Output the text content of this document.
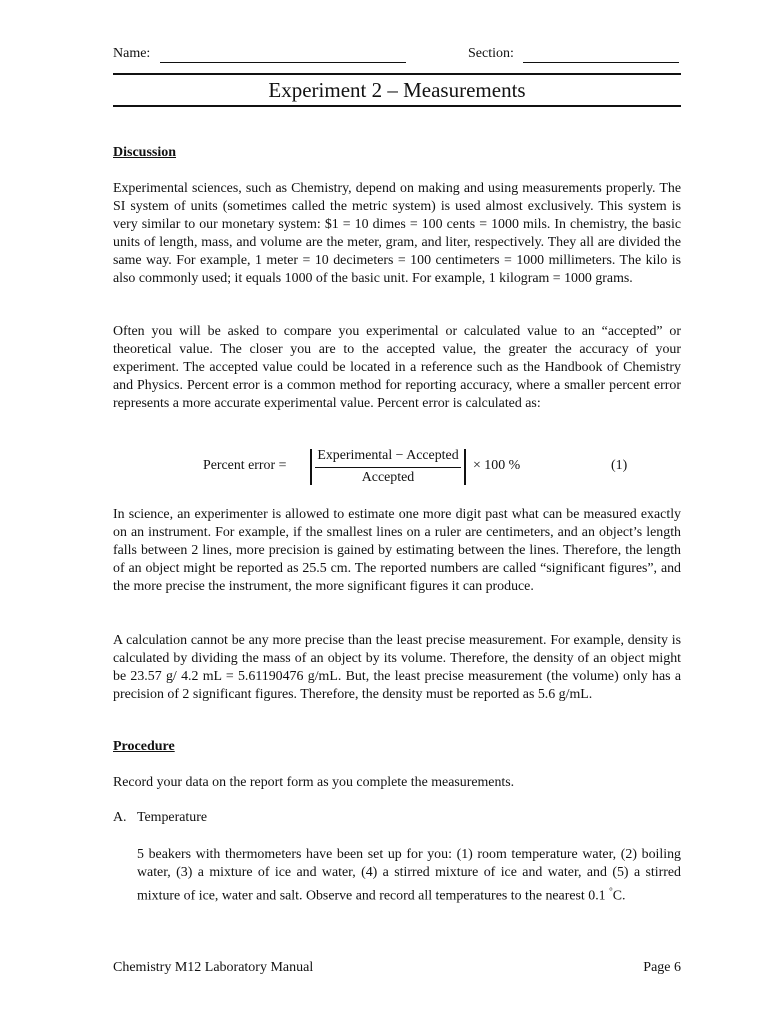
Name:	Section:
Experiment 2 – Measurements
Discussion
Experimental sciences, such as Chemistry, depend on making and using measurements properly. The SI system of units (sometimes called the metric system) is used almost exclusively. This system is very similar to our monetary system: $1 = 10 dimes = 100 cents = 1000 mils. In chemistry, the basic units of length, mass, and volume are the meter, gram, and liter, respectively. They all are divided the same way. For example, 1 meter = 10 decimeters = 100 centimeters = 1000 millimeters. The kilo is also commonly used; it equals 1000 of the basic unit. For example, 1 kilogram = 1000 grams.
Often you will be asked to compare you experimental or calculated value to an “accepted” or theoretical value. The closer you are to the accepted value, the greater the accuracy of your experiment. The accepted value could be located in a reference such as the Handbook of Chemistry and Physics. Percent error is a common method for reporting accuracy, where a smaller percent error represents a more accurate experimental value. Percent error is calculated as:
Percent error =
Experimental − Accepted
Accepted
× 100 %	(1)
In science, an experimenter is allowed to estimate one more digit past what can be measured exactly on an instrument. For example, if the smallest lines on a ruler are centimeters, and an object’s length falls between 2 lines, more precision is gained by estimating between the lines. Therefore, the length of an object might be reported as 25.5 cm. The reported numbers are called “significant figures”, and the more precise the instrument, the more significant figures it can produce.
A calculation cannot be any more precise than the least precise measurement. For example, density is calculated by dividing the mass of an object by its volume. Therefore, the density of an object might be 23.57 g/ 4.2 mL = 5.61190476 g/mL. But, the least precise measurement (the volume) only has a precision of 2 significant figures. Therefore, the density must be reported as 5.6 g/mL.
Procedure
Record your data on the report form as you complete the measurements.
A. Temperature
5 beakers with thermometers have been set up for you: (1) room temperature water, (2) boiling water, (3) a mixture of ice and water, (4) a stirred mixture of ice and water, and (5) a stirred mixture of ice, water and salt. Observe and record all temperatures to the nearest 0.1 °C.
Chemistry M12 Laboratory Manual	Page 6
